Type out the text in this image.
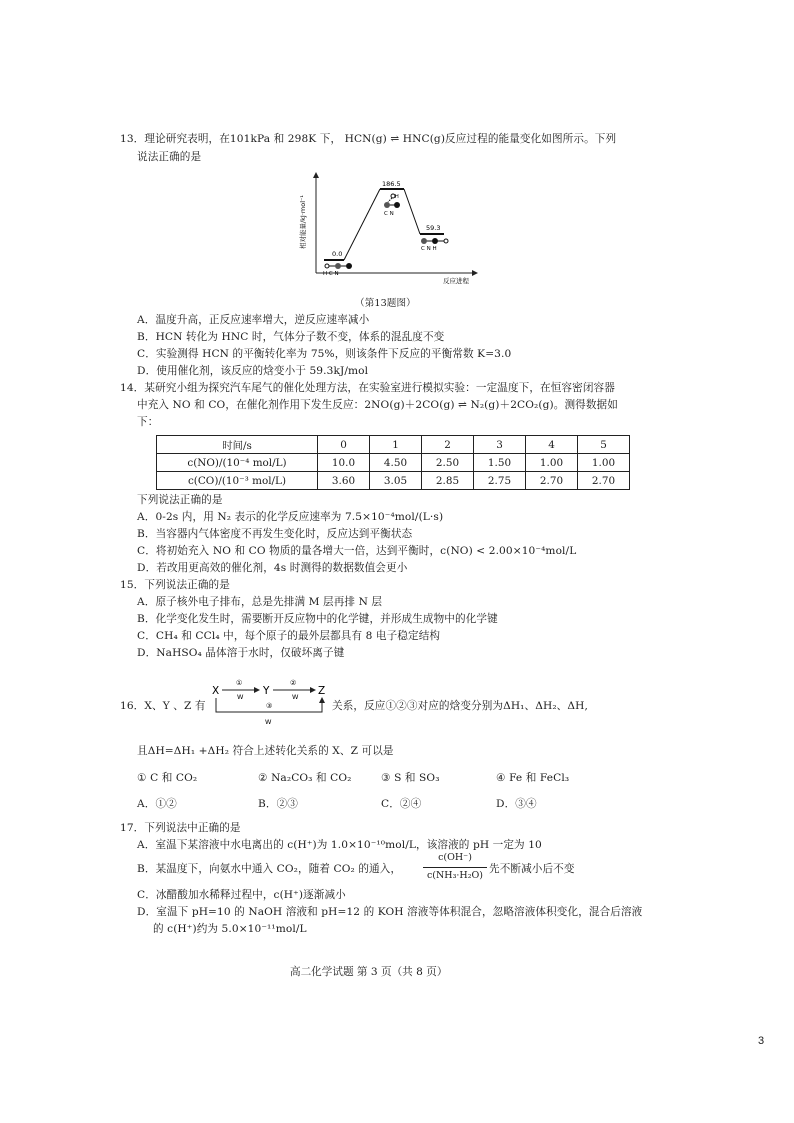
13．理论研究表明，在101kPa 和 298K 下， HCN(g) ⇌ HNC(g)反应过程的能量变化如图所示。下列
说法正确的是
相对能量/kJ·mol⁻¹
反应进程
0.0
186.5
59.3
H C N
H
C N
C N H
（第13题图）
A．温度升高，正反应速率增大，逆反应速率减小
B．HCN 转化为 HNC 时，气体分子数不变，体系的混乱度不变
C．实验测得 HCN 的平衡转化率为 75%，则该条件下反应的平衡常数 K=3.0
D．使用催化剂，该反应的焓变小于 59.3kJ/mol
14．某研究小组为探究汽车尾气的催化处理方法，在实验室进行模拟实验：一定温度下，在恒容密闭容器
中充入 NO 和 CO，在催化剂作用下发生反应：2NO(g)＋2CO(g) ⇌ N₂(g)＋2CO₂(g)。测得数据如
下：
时间/s	0	1	2	3	4	5
c(NO)/(10⁻⁴ mol/L)	10.0	4.50	2.50	1.50	1.00	1.00
c(CO)/(10⁻³ mol/L)	3.60	3.05	2.85	2.75	2.70	2.70
下列说法正确的是
A．0-2s 内，用 N₂ 表示的化学反应速率为 7.5×10⁻⁴mol/(L·s)
B．当容器内气体密度不再发生变化时，反应达到平衡状态
C．将初始充入 NO 和 CO 物质的量各增大一倍，达到平衡时，c(NO) < 2.00×10⁻⁴mol/L
D．若改用更高效的催化剂，4s 时测得的数据数值会更小
15．下列说法正确的是
A．原子核外电子排布，总是先排满 M 层再排 N 层
B．化学变化发生时，需要断开反应物中的化学键，并形成生成物中的化学键
C．CH₄ 和 CCl₄ 中，每个原子的最外层都具有 8 电子稳定结构
D．NaHSO₄ 晶体溶于水时，仅破坏离子键
16．X、Y 、Z 有
X	Y	Z
①
W
②
W
③
W
关系，反应①②③对应的焓变分别为ΔH₁、ΔH₂、ΔH,
且ΔH=ΔH₁ +ΔH₂ 符合上述转化关系的 X、Z 可以是
① C 和 CO₂	② Na₂CO₃ 和 CO₂	③ S 和 SO₃	④ Fe 和 FeCl₃
A．①②	B．②③	C．②④	D．③④
17．下列说法中正确的是
A．室温下某溶液中水电离出的 c(H⁺)为 1.0×10⁻¹⁰mol/L，该溶液的 pH 一定为 10
B．某温度下，向氨水中通入 CO₂，随着 CO₂ 的通入，
c(OH⁻)
c(NH₃·H₂O)
先不断减小后不变
C．冰醋酸加水稀释过程中，c(H⁺)逐渐减小
D．室温下 pH=10 的 NaOH 溶液和 pH=12 的 KOH 溶液等体积混合，忽略溶液体积变化，混合后溶液
的 c(H⁺)约为 5.0×10⁻¹¹mol/L
高二化学试题 第 3 页（共 8 页）
3
